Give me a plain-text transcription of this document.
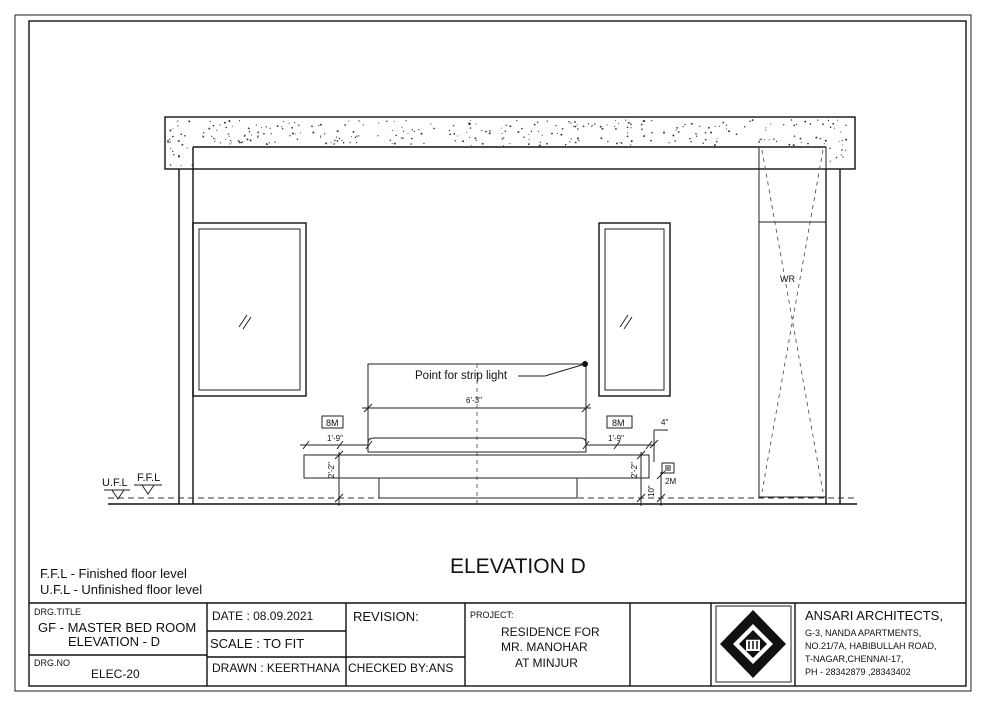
U.F.L F.F.L
WR
Point for strip light
6'-3"
8M
1'-9"
2'-2"
8M
1'-9"
2'-2"
4"
10"
2M
ELEVATION D
F.F.L - Finished floor level
U.F.L - Unfinished floor level
DRG.TITLE
GF - MASTER BED ROOM
ELEVATION - D
DRG.NO
ELEC-20
DATE : 08.09.2021
SCALE : TO FIT
DRAWN : KEERTHANA
REVISION:
CHECKED BY:ANS
PROJECT:
RESIDENCE FOR
MR. MANOHAR
AT MINJUR
ANSARI ARCHITECTS,
G-3, NANDA APARTMENTS,
NO.21/7A, HABIBULLAH ROAD,
T-NAGAR,CHENNAI-17,
PH - 28342879 ,28343402
